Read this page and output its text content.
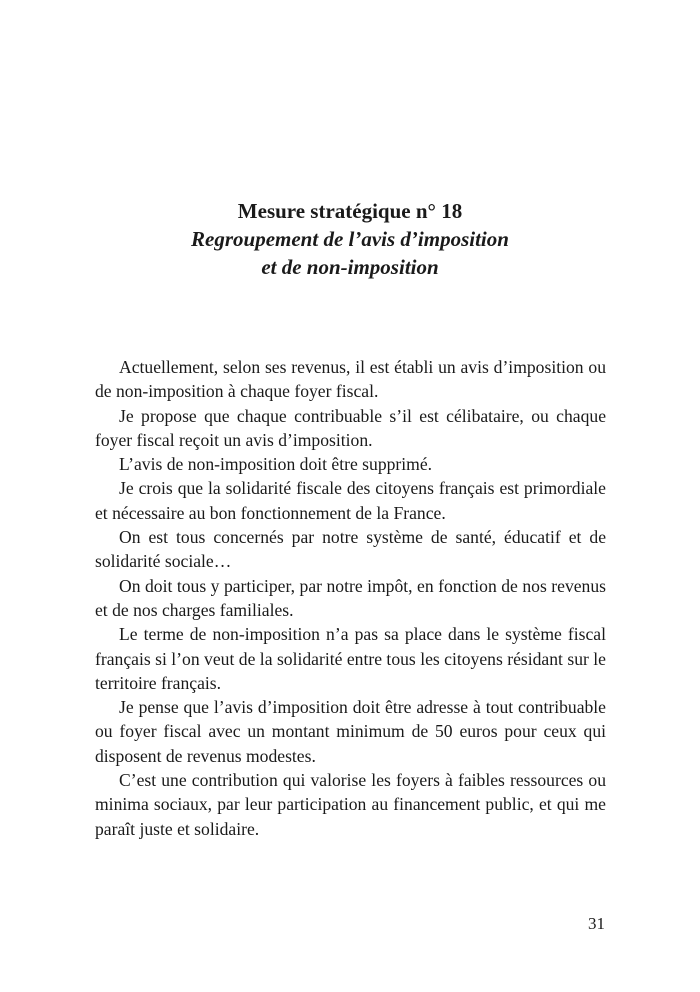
Mesure stratégique n° 18
Regroupement de l’avis d’imposition
et de non-imposition

Actuellement, selon ses revenus, il est établi un avis d’imposition ou de non-imposition à chaque foyer fiscal.

Je propose que chaque contribuable s’il est célibataire, ou chaque foyer fiscal reçoit un avis d’imposition.

L’avis de non-imposition doit être supprimé.

Je crois que la solidarité fiscale des citoyens français est primordiale et nécessaire au bon fonctionnement de la France.

On est tous concernés par notre système de santé, éducatif et de solidarité sociale…

On doit tous y participer, par notre impôt, en fonction de nos revenus et de nos charges familiales.

Le terme de non-imposition n’a pas sa place dans le système fiscal français si l’on veut de la solidarité entre tous les citoyens résidant sur le territoire français.

Je pense que l’avis d’imposition doit être adresse à tout contribuable ou foyer fiscal avec un montant minimum de 50 euros pour ceux qui disposent de revenus modestes.

C’est une contribution qui valorise les foyers à faibles ressources ou minima sociaux, par leur participation au financement public, et qui me paraît juste et solidaire.

31
